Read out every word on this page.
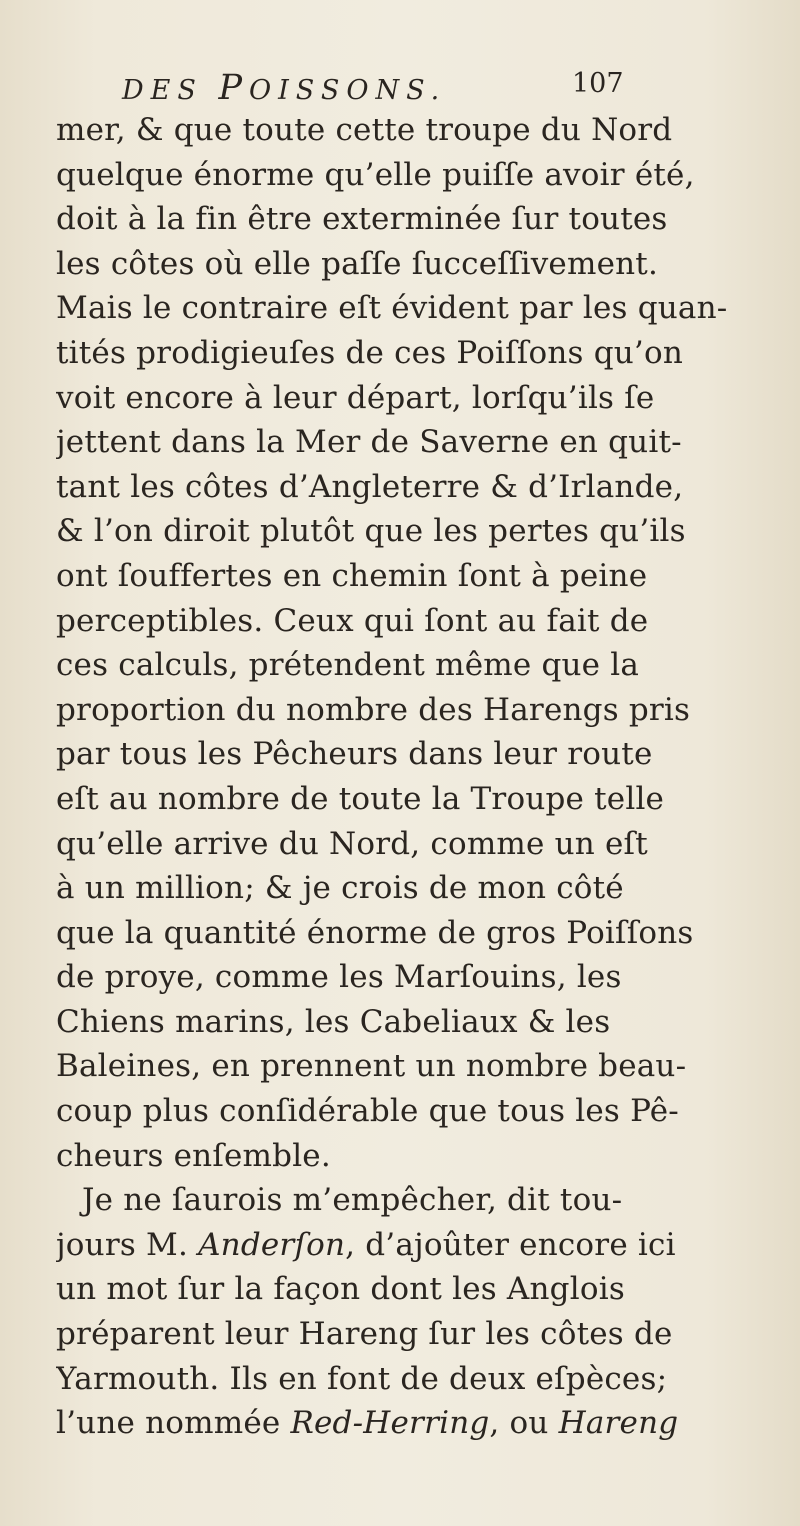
DES POISSONS.	107
mer, & que toute cette troupe du Nord
quelque énorme qu’elle puiſſe avoir été,
doit à la fin être exterminée ſur toutes
les côtes où elle paſſe ſucceſſivement.
Mais le contraire eſt évident par les quan-
tités prodigieuſes de ces Poiſſons qu’on
voit encore à leur départ, lorſqu’ils ſe
jettent dans la Mer de Saverne en quit-
tant les côtes d’Angleterre & d’Irlande,
& l’on diroit plutôt que les pertes qu’ils
ont ſouffertes en chemin ſont à peine
perceptibles. Ceux qui ſont au fait de
ces calculs, prétendent même que la
proportion du nombre des Harengs pris
par tous les Pêcheurs dans leur route
eſt au nombre de toute la Troupe telle
qu’elle arrive du Nord, comme un eſt
à un million; & je crois de mon côté
que la quantité énorme de gros Poiſſons
de proye, comme les Marſouins, les
Chiens marins, les Cabeliaux & les
Baleines, en prennent un nombre beau-
coup plus conſidérable que tous les Pê-
cheurs enſemble.
Je ne ſaurois m’empêcher, dit tou-
jours M. Anderſon, d’ajoûter encore ici
un mot ſur la façon dont les Anglois
préparent leur Hareng ſur les côtes de
Yarmouth. Ils en font de deux eſpèces;
l’une nommée Red-Herring, ou Hareng
